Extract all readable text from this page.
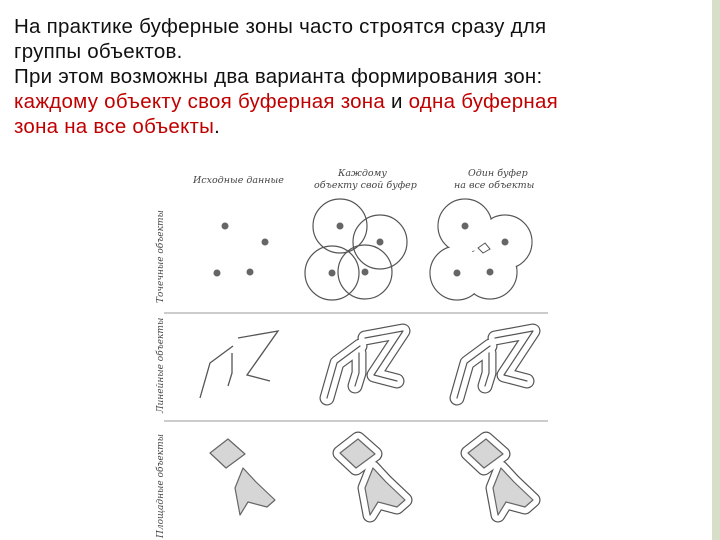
На практике буферные зоны часто строятся сразу для

группы объектов.

При этом возможны два варианта формирования зон:

каждому объекту своя буферная зона и одна буферная

зона на все объекты.

Исходные данные
Каждому
объекту свой буфер
Один буфер
на все объекты
Точечные объекты
Линейные объекты
Площадные объекты
